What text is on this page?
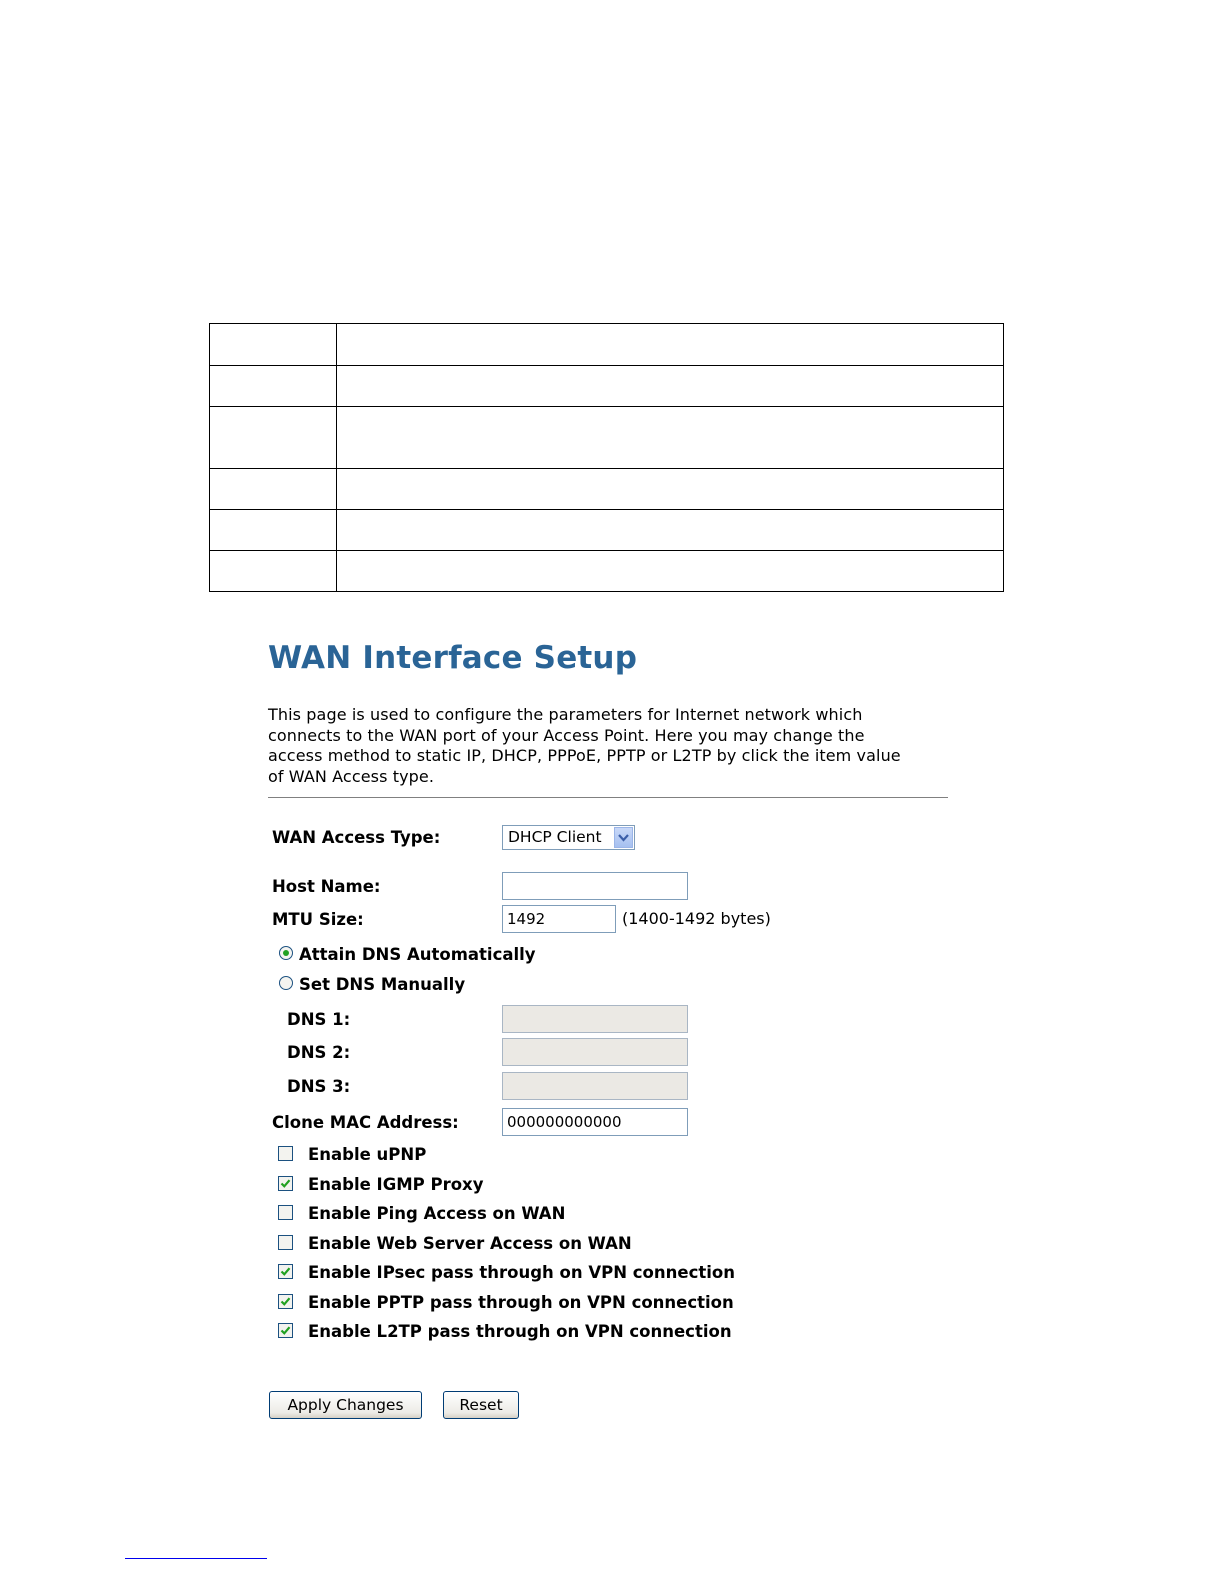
WAN Interface Setup
This page is used to configure the parameters for Internet network which
connects to the WAN port of your Access Point. Here you may change the
access method to static IP, DHCP, PPPoE, PPTP or L2TP by click the item value
of WAN Access type.
WAN Access Type:	DHCP Client
Host Name:
MTU Size:	1492	(1400-1492 bytes)
Attain DNS Automatically
Set DNS Manually
DNS 1:
DNS 2:
DNS 3:
Clone MAC Address:	000000000000
Enable uPNP
Enable IGMP Proxy
Enable Ping Access on WAN
Enable Web Server Access on WAN
Enable IPsec pass through on VPN connection
Enable PPTP pass through on VPN connection
Enable L2TP pass through on VPN connection
Apply Changes	Reset
